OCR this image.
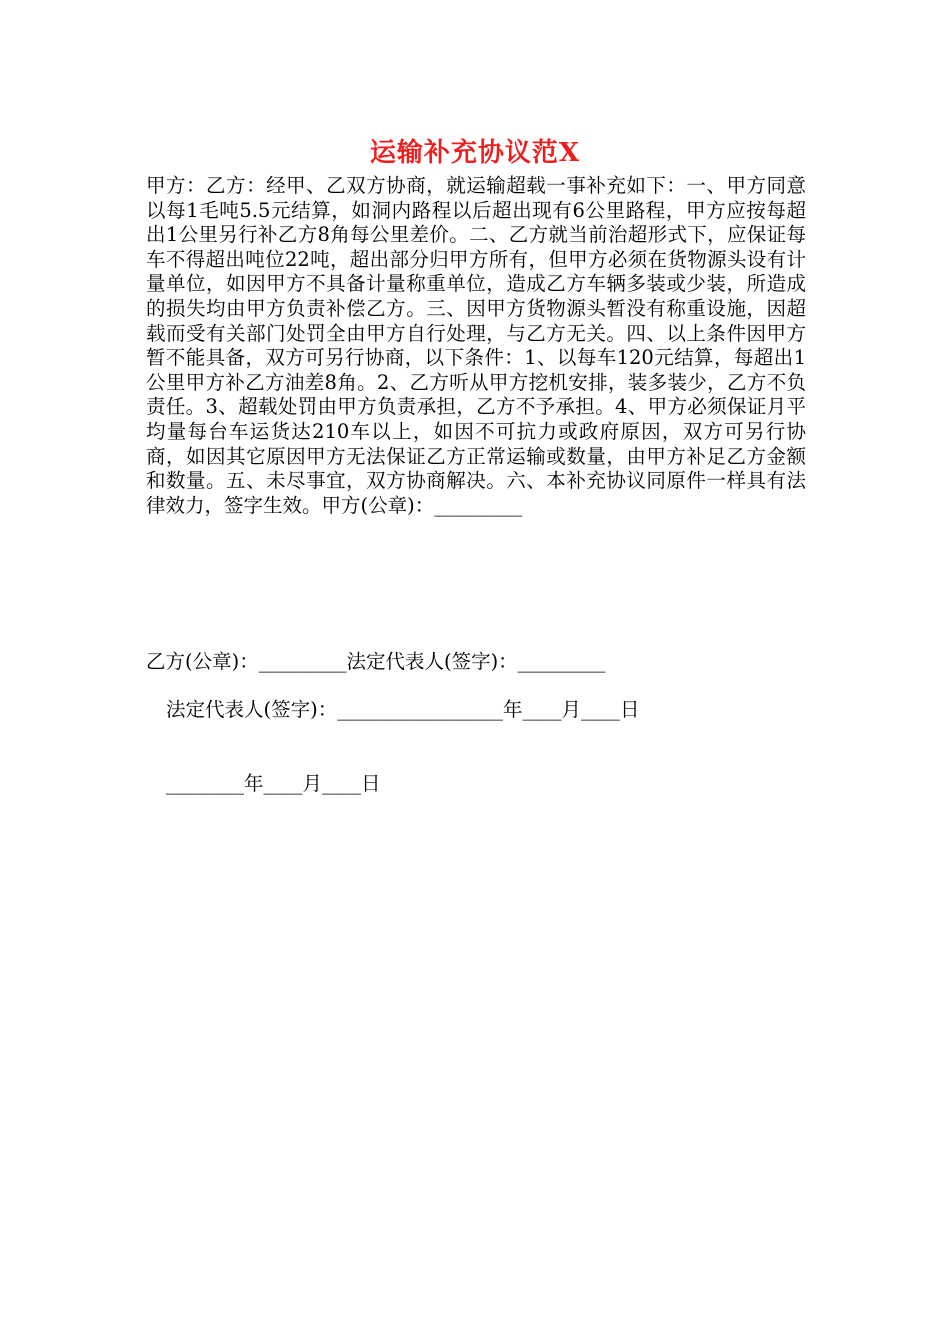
运输补充协议范X

甲方：乙方：经甲、乙双方协商，就运输超载一事补充如下：一、甲方同意以每1毛吨5.5元结算，如洞内路程以后超出现有6公里路程，甲方应按每超出1公里另行补乙方8角每公里差价。二、乙方就当前治超形式下，应保证每车不得超出吨位22吨，超出部分归甲方所有，但甲方必须在货物源头设有计量单位，如因甲方不具备计量称重单位，造成乙方车辆多装或少装，所造成的损失均由甲方负责补偿乙方。三、因甲方货物源头暂没有称重设施，因超载而受有关部门处罚全由甲方自行处理，与乙方无关。四、以上条件因甲方暂不能具备，双方可另行协商，以下条件：1、以每车120元结算，每超出1公里甲方补乙方油差8角。2、乙方听从甲方挖机安排，装多装少，乙方不负责任。3、超载处罚由甲方负责承担，乙方不予承担。4、甲方必须保证月平均量每台车运货达210车以上，如因不可抗力或政府原因，双方可另行协商，如因其它原因甲方无法保证乙方正常运输或数量，由甲方补足乙方金额和数量。五、未尽事宜，双方协商解决。六、本补充协议同原件一样具有法律效力，签字生效。甲方(公章)：_________

乙方(公章)：_________法定代表人(签字)：_________

法定代表人(签字)：_________________年____月____日

________年____月____日
